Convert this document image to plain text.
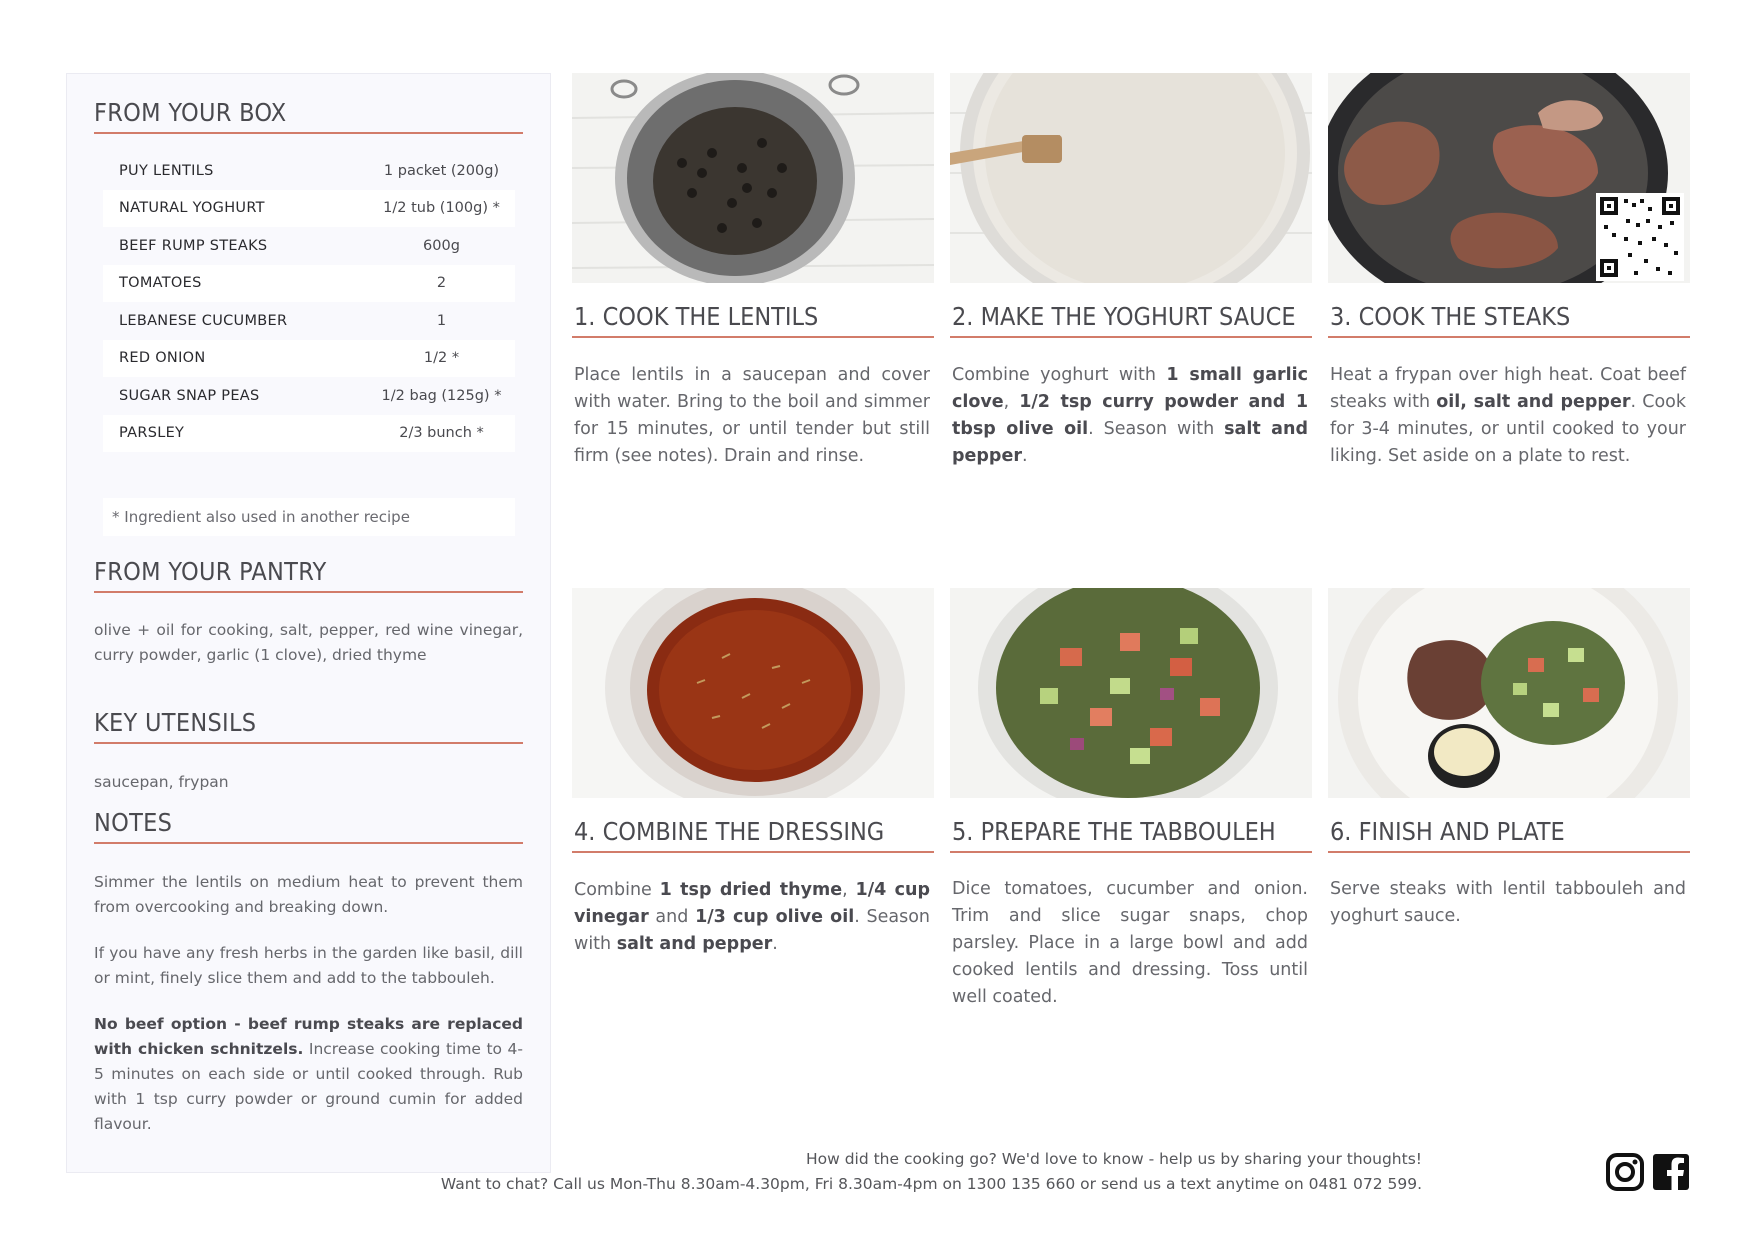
FROM YOUR BOX
PUY LENTILS	1 packet (200g)
NATURAL YOGHURT	1/2 tub (100g) *
BEEF RUMP STEAKS	600g
TOMATOES	2
LEBANESE CUCUMBER	1
RED ONION	1/2 *
SUGAR SNAP PEAS	1/2 bag (125g) *
PARSLEY	2/3 bunch *
* Ingredient also used in another recipe
FROM YOUR PANTRY
olive + oil for cooking, salt, pepper, red wine vinegar, curry powder, garlic (1 clove), dried thyme
KEY UTENSILS
saucepan, frypan
NOTES
Simmer the lentils on medium heat to prevent them from overcooking and breaking down.
If you have any fresh herbs in the garden like basil, dill or mint, finely slice them and add to the tabbouleh.
No beef option - beef rump steaks are replaced with chicken schnitzels. Increase cooking time to 4-5 minutes on each side or until cooked through. Rub with 1 tsp curry powder or ground cumin for added flavour.
1. COOK THE LENTILS	2. MAKE THE YOGHURT SAUCE	3. COOK THE STEAKS
4. COMBINE THE DRESSING	5. PREPARE THE TABBOULEH	6. FINISH AND PLATE
Place lentils in a saucepan and cover with water. Bring to the boil and simmer for 15 minutes, or until tender but still firm (see notes). Drain and rinse.
Combine yoghurt with 1 small garlic clove, 1/2 tsp curry powder and 1 tbsp olive oil. Season with salt and pepper.
Heat a frypan over high heat. Coat beef steaks with oil, salt and pepper. Cook for 3-4 minutes, or until cooked to your liking. Set aside on a plate to rest.
Combine 1 tsp dried thyme, 1/4 cup vinegar and 1/3 cup olive oil. Season with salt and pepper.
Dice tomatoes, cucumber and onion. Trim and slice sugar snaps, chop parsley. Place in a large bowl and add cooked lentils and dressing. Toss until well coated.
Serve steaks with lentil tabbouleh and yoghurt sauce.
How did the cooking go? We'd love to know - help us by sharing your thoughts!
Want to chat? Call us Mon-Thu 8.30am-4.30pm, Fri 8.30am-4pm on 1300 135 660 or send us a text anytime on 0481 072 599.
